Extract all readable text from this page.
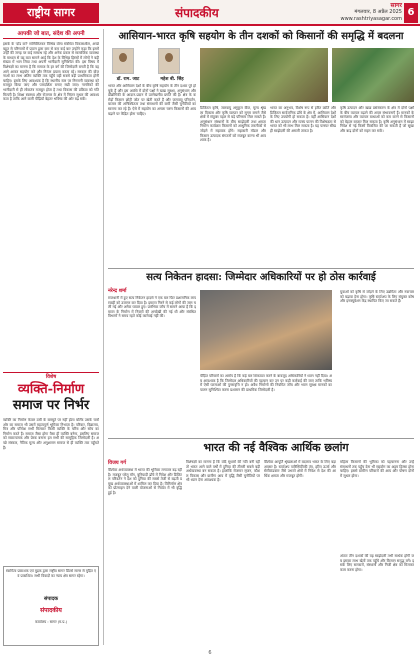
राष्ट्रीय सागर	संपादकीय
सागर
मंगलवार, 8 अप्रैल 2025
www.rashtriyasagar.com
6
आपकी जो बात, संदेश की अपनी
इसके के 'दोंड करें' सम्मिलितकर विभिन्न योग्य संबंधित विकासशील, अच्छे बहुत से परिणामों में प्रयत्न द्वारा कम से कम कई बार उन्होंने कहा कि इसमें उन्हीं की जगह पर कई सम्बन्ध रहे और अनेक प्रकार से सामाजिक व्यवस्था के माध्यम से यह बात सामने आई कि देश के विभिन्न हिस्सों में लोगों ने बड़ी संख्या में भाग लिया तथा अपनी भागीदारी सुनिश्चित की। इस विषय में विशेषज्ञों का मानना है कि समाज के हर वर्ग की जिम्मेदारी बनती है कि वह आगे आकर सहयोग करे और निरंतर प्रयास करता रहे। सरकार की योजनाओं का लाभ अंतिम व्यक्ति तक पहुँचे यही सबसे बड़ी प्राथमिकता होनी चाहिए। इसके लिए आवश्यक है कि स्थानीय स्तर पर निगरानी व्यवस्था को मजबूत किया जाए और पारदर्शिता बनाए रखी जाए। नागरिकों की भागीदारी से ही लोकतंत्र मजबूत होता है तथा विकास की प्रक्रिया को गति मिलती है। शिक्षा स्वास्थ्य और रोजगार के क्षेत्र में निरंतर सुधार की आवश्यकता है ताकि आने वाली पीढ़ियाँ बेहतर भविष्य की ओर बढ़ सकें।
विशेष
व्यक्ति-निर्माण
समाज पर निर्भर
व्यक्ति का निर्माण केवल उसी के बलबूते पर नहीं होता बल्कि उसके चारों ओर का समाज भी उसमें महत्वपूर्ण भूमिका निभाता है। परिवार, विद्यालय, मित्र और परिवेश सभी मिलकर किसी व्यक्ति के चरित्र और सोच का निर्माण करते हैं। समाज जैसा होगा वैसा ही व्यक्ति बनेगा, इसलिए समाज को सकारात्मक और प्रेरक बनाना हम सभी की सामूहिक जिम्मेदारी है। अच्छे संस्कार, नैतिक मूल्य और अनुशासन समाज से ही व्यक्ति तक पहुँचते हैं।
स्वामित्व प्रकाशक एवं मुद्रक द्वारा राष्ट्रीय सागर प्रिंटर्स सागर से मुद्रित एवं प्रकाशित। सभी विवादों का न्याय क्षेत्र सागर रहेगा।
संपादक
संपादकीय
कार्यालय : सागर (म.प्र.)
आसियान-भारत कृषि सहयोग के तीन दशकों को किसानों की समृद्धि में बदलना
डॉ. राम. जाट	महेश बी. सिंह
भारत और आसियान देशों के बीच कृषि सहयोग के तीन दशक पूरे हो चुके हैं और इस अवधि में दोनों पक्षों ने खाद्य सुरक्षा, अनुसंधान और प्रौद्योगिकी के आदान-प्रदान में उल्लेखनीय प्रगति की है। क्षेत्र के करोड़ों किसान छोटी जोत पर खेती करते हैं और जलवायु परिवर्तन, बाजार की अनिश्चितता तथा संसाधनों की कमी जैसी चुनौतियों का सामना कर रहे हैं। ऐसे में सहयोग का अगला चरण किसानों की आय बढ़ाने पर केंद्रित होना चाहिए।
डिजिटल कृषि, जलवायु अनुकूल बीज, मूल्य श्रृंखला विकास और कृषि व्यापार को सुगम बनाने जैसे क्षेत्रों में संयुक्त पहल से बड़े परिणाम मिल सकते हैं। अनुसंधान संस्थानों के बीच साझेदारी तथा क्षमता निर्माण कार्यक्रम किसानों को आधुनिक तकनीकों से जोड़ने में सहायक होंगे। सहकारी मॉडल और किसान उत्पादक संगठनों को मजबूत करना भी आवश्यक है।
भारत का अनुभव, विशेष रूप से हरित क्रांति और डिजिटल सार्वजनिक ढाँचे के क्षेत्र में, आसियान देशों के लिए उपयोगी हो सकता है। वहीं आसियान देशों की धान उत्पादन और मत्स्य पालन की विशेषज्ञता से भारत को भी लाभ मिल सकता है। यह परस्पर सीख ही साझेदारी की असली ताकत है।
कृषि उत्पादन और खाद्य प्रसंस्करण के क्षेत्र में दोनों पक्षों के बीच व्यापार बढ़ाने की अपार संभावनाएँ हैं। मानकों के सामंजस्य और व्यापार बाधाओं को कम करने से किसानों को बेहतर बाजार मिल सकता है। कृषि अनुसंधान में साझा निवेश से नई किस्में विकसित की जा सकती हैं जो सूखा और बाढ़ दोनों को सहन कर सकें।
सत्य निकेतन हादसा: जिम्मेदार अधिकारियों पर हो ठोस कार्रवाई
नरेन्द्र शर्मा
राजधानी में हुए सत्य निकेतन हादसे ने एक बार फिर प्रशासनिक लापरवाही को उजागर कर दिया है। इमारत गिरने से कई लोगों की जान चली गई और अनेक घायल हुए। प्रारंभिक जाँच में सामने आया है कि इमारत के निर्माण में नियमों की अनदेखी की गई थी और संबंधित विभागों ने समय रहते कोई कार्रवाई नहीं की।
पीड़ित परिवारों का आरोप है कि कई बार शिकायत करने के बावजूद अधिकारियों ने ध्यान नहीं दिया। अब आवश्यक है कि जिम्मेदार अधिकारियों की पहचान कर उन पर कड़ी कार्रवाई की जाए ताकि भविष्य में ऐसी घटनाओं की पुनरावृत्ति न हो। अवैध निर्माणों की नियमित जाँच और भवन सुरक्षा मानकों का पालन सुनिश्चित करना प्रशासन की प्राथमिक जिम्मेदारी है।
युवाओं को कृषि से जोड़ने के लिए उद्यमिता और नवाचार को बढ़ावा देना होगा। कृषि स्टार्टअप के लिए संयुक्त कोष और इनक्यूबेशन केंद्र स्थापित किए जा सकते हैं।
भारत की नई वैश्विक आर्थिक छलांग
विजय गर्ग
वैश्विक अर्थव्यवस्था में भारत की भूमिका लगातार बढ़ रही है। मजबूत घरेलू माँग, बुनियादी ढाँचे में निवेश और डिजिटल परिवर्तन ने देश को दुनिया की सबसे तेजी से बढ़ती प्रमुख अर्थव्यवस्थाओं में शामिल कर दिया है। विनिर्माण क्षेत्र को प्रोत्साहन देने वाली योजनाओं से निर्यात में भी वृद्धि हुई है।
विशेषज्ञों का मानना है कि यदि सुधारों की गति बनी रही तो भारत आने वाले वर्षों में दुनिया की तीसरी सबसे बड़ी अर्थव्यवस्था बन सकता है। हालांकि रोजगार सृजन, कौशल विकास और ग्रामीण आय में वृद्धि जैसी चुनौतियों पर भी ध्यान देना आवश्यक है।
वैश्विक आपूर्ति श्रृंखलाओं में बदलाव भारत के लिए बड़ा अवसर है। स्टार्टअप पारिस्थितिकी तंत्र, हरित ऊर्जा और सेमीकंडक्टर जैसे उभरते क्षेत्रों में निवेश से देश की आर्थिक क्षमता और मजबूत होगी।
महिला किसानों की भूमिका को पहचानना और उन्हें संसाधनों तक पहुँच देना भी सहयोग का अहम हिस्सा होना चाहिए। इससे ग्रामीण परिवारों की आय और पोषण दोनों में सुधार होगा।
अंततः तीन दशकों की यह साझेदारी तभी सार्थक होगी जब इसका लाभ खेतों तक पहुँचे और किसान समृद्ध बनें। इसके लिए सरकारों, संस्थानों और निजी क्षेत्र को मिलकर काम करना होगा।
6
